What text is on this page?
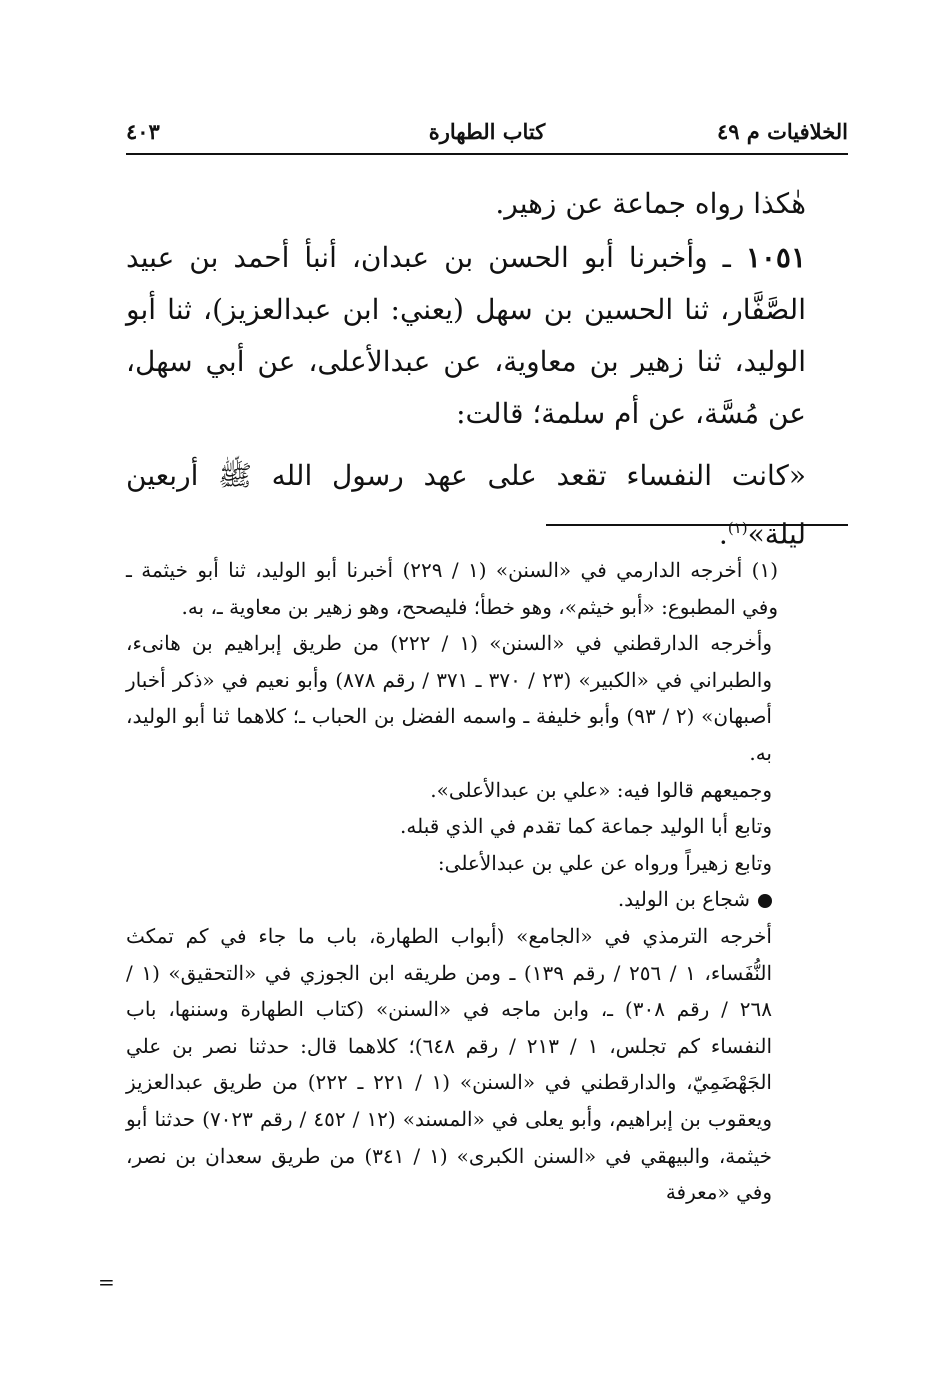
الخلافيات م ٤٩
كتاب الطهارة
٤٠٣

هٰكذا رواه جماعة عن زهير.

١٠٥١ ـ وأخبرنا أبو الحسن بن عبدان، أنبأ أحمد بن عبيد الصَّفَّار، ثنا الحسين بن سهل (يعني: ابن عبدالعزيز)، ثنا أبو الوليد، ثنا زهير بن معاوية، عن عبدالأعلى، عن أبي سهل، عن مُسَّة، عن أم سلمة؛ قالت:

«كانت النفساء تقعد على عهد رسول الله ﷺ أربعين ليلة»$^{(١)}$.

(١) أخرجه الدارمي في «السنن» (١ / ٢٢٩) أخبرنا أبو الوليد، ثنا أبو خيثمة ـ وفي المطبوع: «أبو خيثم»، وهو خطأ؛ فليصحح، وهو زهير بن معاوية ـ، به.

وأخرجه الدارقطني في «السنن» (١ / ٢٢٢) من طريق إبراهيم بن هانىء، والطبراني في «الكبير» (٢٣ / ٣٧٠ ـ ٣٧١ / رقم ٨٧٨) وأبو نعيم في «ذكر أخبار أصبهان» (٢ / ٩٣) وأبو خليفة ـ واسمه الفضل بن الحباب ـ؛ كلاهما ثنا أبو الوليد، به.

وجميعهم قالوا فيه: «علي بن عبدالأعلى».

وتابع أبا الوليد جماعة كما تقدم في الذي قبله.

وتابع زهيراً ورواه عن علي بن عبدالأعلى:

شجاع بن الوليد.

أخرجه الترمذي في «الجامع» (أبواب الطهارة، باب ما جاء في كم تمكث النُّفَساء، ١ / ٢٥٦ / رقم ١٣٩) ـ ومن طريقه ابن الجوزي في «التحقيق» (١ / ٢٦٨ / رقم ٣٠٨) ـ، وابن ماجه في «السنن» (كتاب الطهارة وسننها، باب النفساء كم تجلس، ١ / ٢١٣ / رقم ٦٤٨)؛ كلاهما قال: حدثنا نصر بن علي الجَهْضَمِيّ، والدارقطني في «السنن» (١ / ٢٢١ ـ ٢٢٢) من طريق عبدالعزيز ويعقوب بن إبراهيم، وأبو يعلى في «المسند» (١٢ / ٤٥٢ / رقم ٧٠٢٣) حدثنا أبو خيثمة، والبيهقي في «السنن الكبرى» (١ / ٣٤١) من طريق سعدان بن نصر، وفي «معرفة

=
